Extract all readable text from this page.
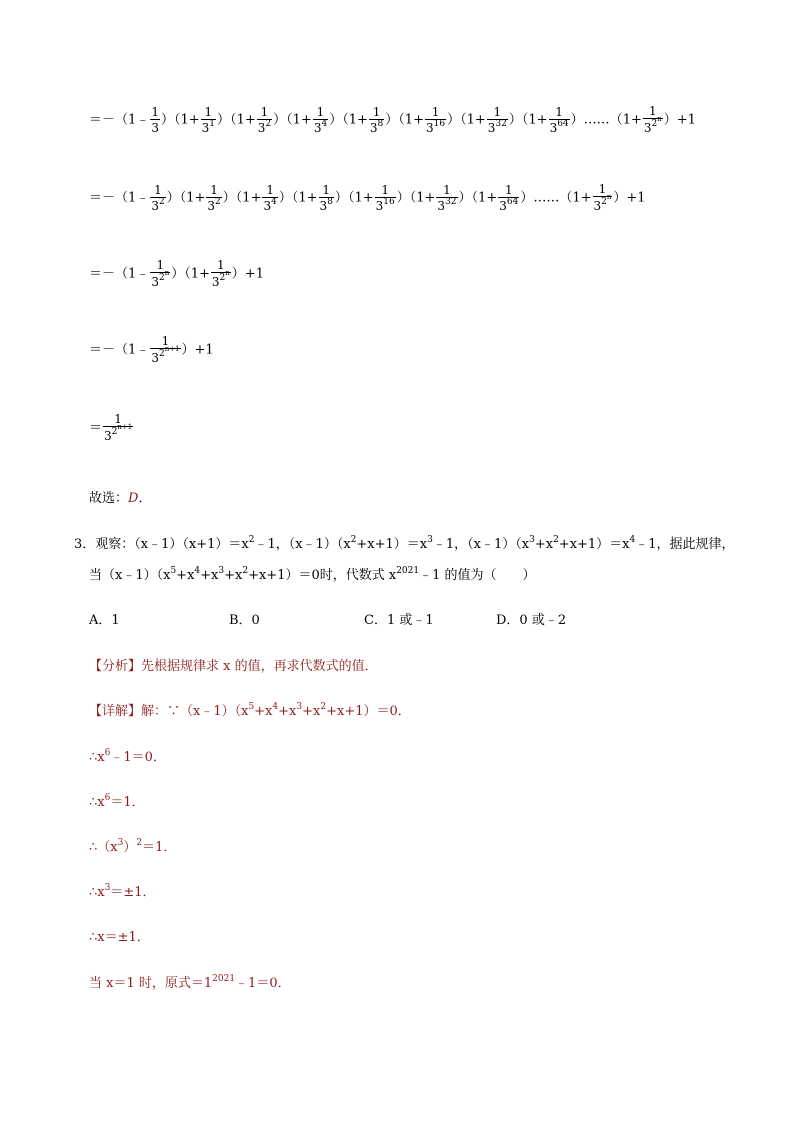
＝－（1﹣ $\frac{1}{3} )(1+ \frac{1}{3^1} )(1+ \frac{1}{3^2} )(1+ \frac{1}{3^4} )(1+ \frac{1}{3^8} )(1+ \frac{1}{3^{16}} )(1+ \frac{1}{3^{32}} )(1+ \frac{1}{3^{64}}$ ）……（1+ $\frac{1}{3^{2^n}} )+1$
＝－（1﹣ $\frac{1}{3^2} )(1+ \frac{1}{3^2} )(1+ \frac{1}{3^4} )(1+ \frac{1}{3^8} )(1+ \frac{1}{3^{16}} )(1+ \frac{1}{3^{32}} )(1+ \frac{1}{3^{64}}$ ）……（1+ $\frac{1}{3^{2^n}} )+1$
＝－（1﹣ $\frac{1}{3^{2^n}} )(1+ \frac{1}{3^{2^n}} )+1$
＝－（1﹣ $\frac{1}{3^{2^{n+1}}} )+1$
＝ $\frac{1}{3^{2^{n+1}}}$
故选：D．
3．观察：$(x﹣1)(x+1)=x^2﹣1$，$(x﹣1)(x^2+x+1)=x^3﹣1$，$(x﹣1)(x^3+x^2+x+1)=x^4﹣1$，据此规律，
当$(x﹣1)(x^5+x^4+x^3+x^2+x+1)=0$时，代数式 $x^{2021}﹣1$ 的值为（　　）
A．1	B．0	C．1 或﹣1	D．0 或﹣2
【分析】先根据规律求 x 的值，再求代数式的值．
【详解】解：$\because(x﹣1)(x^5+x^4+x^3+x^2+x+1)=0$．
$\therefore x^6﹣1=0$．
$\therefore x^6=1$．
$\therefore(x^3)^2=1$．
$\therefore x^3=\pm 1$．
∴x＝±1．
当 x＝1 时，原式$=1^{2021}﹣1=0$．
